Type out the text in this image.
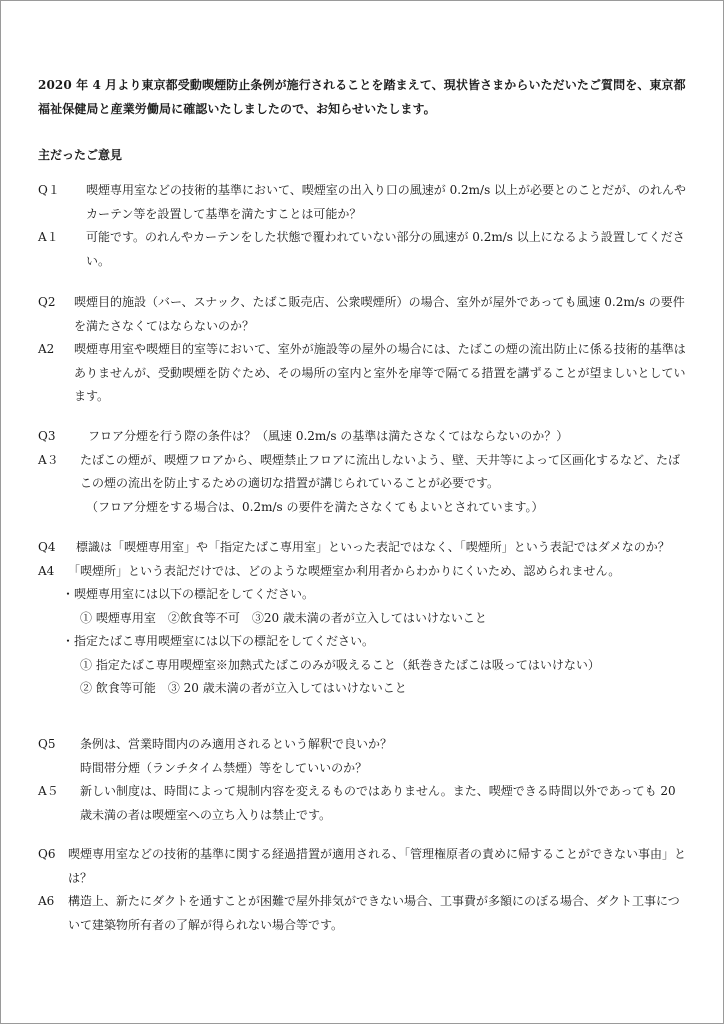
2020 年 4 月より東京都受動喫煙防止条例が施行されることを踏まえて、現状皆さまからいただいたご質問を、東京都福祉保健局と産業労働局に確認いたしましたので、お知らせいたします。
主だったご意見
Q１	喫煙専用室などの技術的基準において、喫煙室の出入り口の風速が 0.2m/s 以上が必要とのことだが、のれんやカーテン等を設置して基準を満たすことは可能か？
A１	可能です。のれんやカーテンをした状態で覆われていない部分の風速が 0.2m/s 以上になるよう設置してください。
Q2	喫煙目的施設（バー、スナック、たばこ販売店、公衆喫煙所）の場合、室外が屋外であっても風速 0.2m/s の要件を満たさなくてはならないのか？
A2	喫煙専用室や喫煙目的室等において、室外が施設等の屋外の場合には、たばこの煙の流出防止に係る技術的基準はありませんが、受動喫煙を防ぐため、その場所の室内と室外を扉等で隔てる措置を講ずることが望ましいとしています。
Q3	フロア分煙を行う際の条件は？（風速 0.2m/s の基準は満たさなくてはならないのか？）
A３	たばこの煙が、喫煙フロアから、喫煙禁止フロアに流出しないよう、壁、天井等によって区画化するなど、たばこの煙の流出を防止するための適切な措置が講じられていることが必要です。
（フロア分煙をする場合は、0.2m/s の要件を満たさなくてもよいとされています。）
Q4	標識は「喫煙専用室」や「指定たばこ専用室」といった表記ではなく、「喫煙所」という表記ではダメなのか？
A4	「喫煙所」という表記だけでは、どのような喫煙室か利用者からわかりにくいため、認められません。
・喫煙専用室には以下の標記をしてください。
① 喫煙専用室　②飲食等不可　③20 歳未満の者が立入してはいけないこと
・指定たばこ専用喫煙室には以下の標記をしてください。
① 指定たばこ専用喫煙室※加熱式たばこのみが吸えること（紙巻きたばこは吸ってはいけない）
② 飲食等可能　③ 20 歳未満の者が立入してはいけないこと
Q5	条例は、営業時間内のみ適用されるという解釈で良いか？
時間帯分煙（ランチタイム禁煙）等をしていいのか？
A５	新しい制度は、時間によって規制内容を変えるものではありません。また、喫煙できる時間以外であっても 20 歳未満の者は喫煙室への立ち入りは禁止です。
Q6	喫煙専用室などの技術的基準に関する経過措置が適用される、「管理権原者の責めに帰することができない事由」とは？
A6	構造上、新たにダクトを通すことが困難で屋外排気ができない場合、工事費が多額にのぼる場合、ダクト工事について建築物所有者の了解が得られない場合等です。
